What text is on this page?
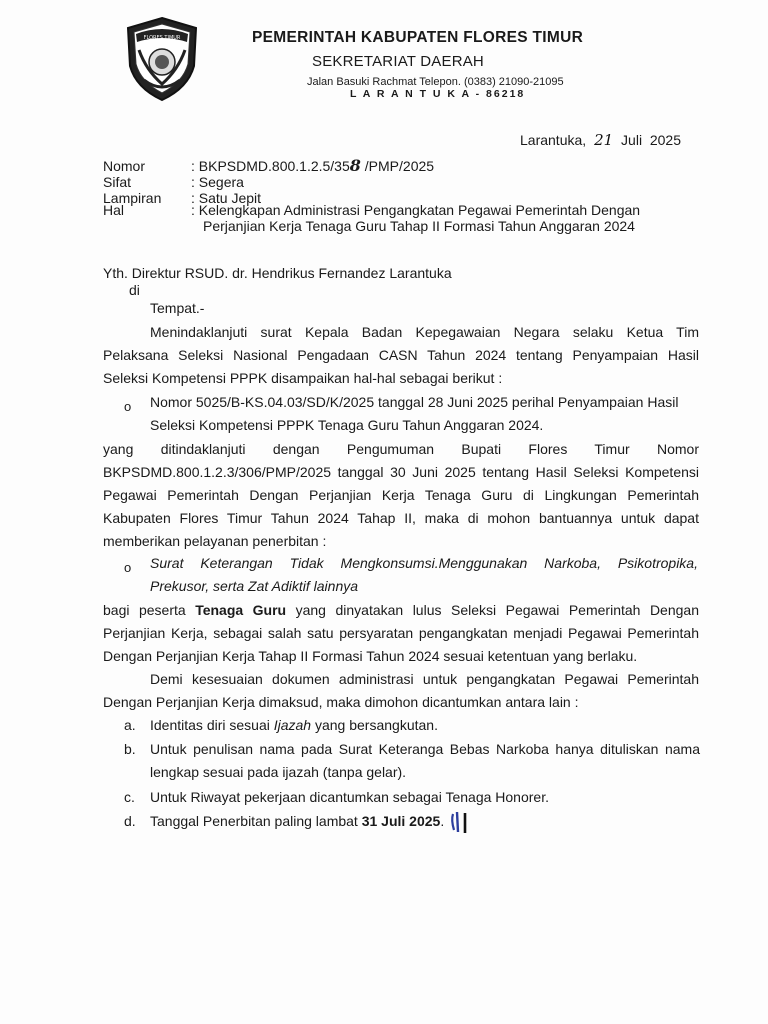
FLORES TIMUR	PEMERINTAH KABUPATEN FLORES TIMUR
SEKRETARIAT DAERAH
Jalan Basuki Rachmat Telepon. (0383) 21090-21095
L A R A N T U K A - 86218
Larantuka, 21 Juli  2025
Nomor	: BKPSDMD.800.1.2.5/358 /PMP/2025
Sifat	: Segera
Lampiran : Satu Jepit
Hal	: Kelengkapan Administrasi Pengangkatan Pegawai Pemerintah Dengan
Perjanjian Kerja Tenaga Guru Tahap II Formasi Tahun Anggaran 2024
Yth. Direktur RSUD. dr. Hendrikus Fernandez Larantuka
di
Tempat.-
Menindaklanjuti surat Kepala Badan Kepegawaian Negara selaku Ketua Tim
Pelaksana Seleksi Nasional Pengadaan CASN Tahun 2024 tentang Penyampaian Hasil
Seleksi Kompetensi PPPK disampaikan hal-hal sebagai berikut :
o Nomor 5025/B-KS.04.03/SD/K/2025 tanggal 28 Juni 2025 perihal Penyampaian Hasil
Seleksi Kompetensi PPPK Tenaga Guru Tahun Anggaran 2024.
yang ditindaklanjuti dengan Pengumuman Bupati Flores Timur Nomor
BKPSDMD.800.1.2.3/306/PMP/2025 tanggal 30 Juni 2025 tentang Hasil Seleksi Kompetensi
Pegawai Pemerintah Dengan Perjanjian Kerja Tenaga Guru di Lingkungan Pemerintah
Kabupaten Flores Timur Tahun 2024 Tahap II, maka di mohon bantuannya untuk dapat
memberikan pelayanan penerbitan :
o Surat Keterangan Tidak Mengkonsumsi.Menggunakan Narkoba, Psikotropika,
Prekusor, serta Zat Adiktif lainnya
bagi peserta Tenaga Guru yang dinyatakan lulus Seleksi Pegawai Pemerintah Dengan
Perjanjian Kerja, sebagai salah satu persyaratan pengangkatan menjadi Pegawai Pemerintah
Dengan Perjanjian Kerja Tahap II Formasi Tahun 2024 sesuai ketentuan yang berlaku.
Demi kesesuaian dokumen administrasi untuk pengangkatan Pegawai Pemerintah
Dengan Perjanjian Kerja dimaksud, maka dimohon dicantumkan antara lain :
a. Identitas diri sesuai Ijazah yang bersangkutan.
b. Untuk penulisan nama pada Surat Keteranga Bebas Narkoba hanya dituliskan nama
lengkap sesuai pada ijazah (tanpa gelar).
c. Untuk Riwayat pekerjaan dicantumkan sebagai Tenaga Honorer.
d. Tanggal Penerbitan paling lambat 31 Juli 2025.
